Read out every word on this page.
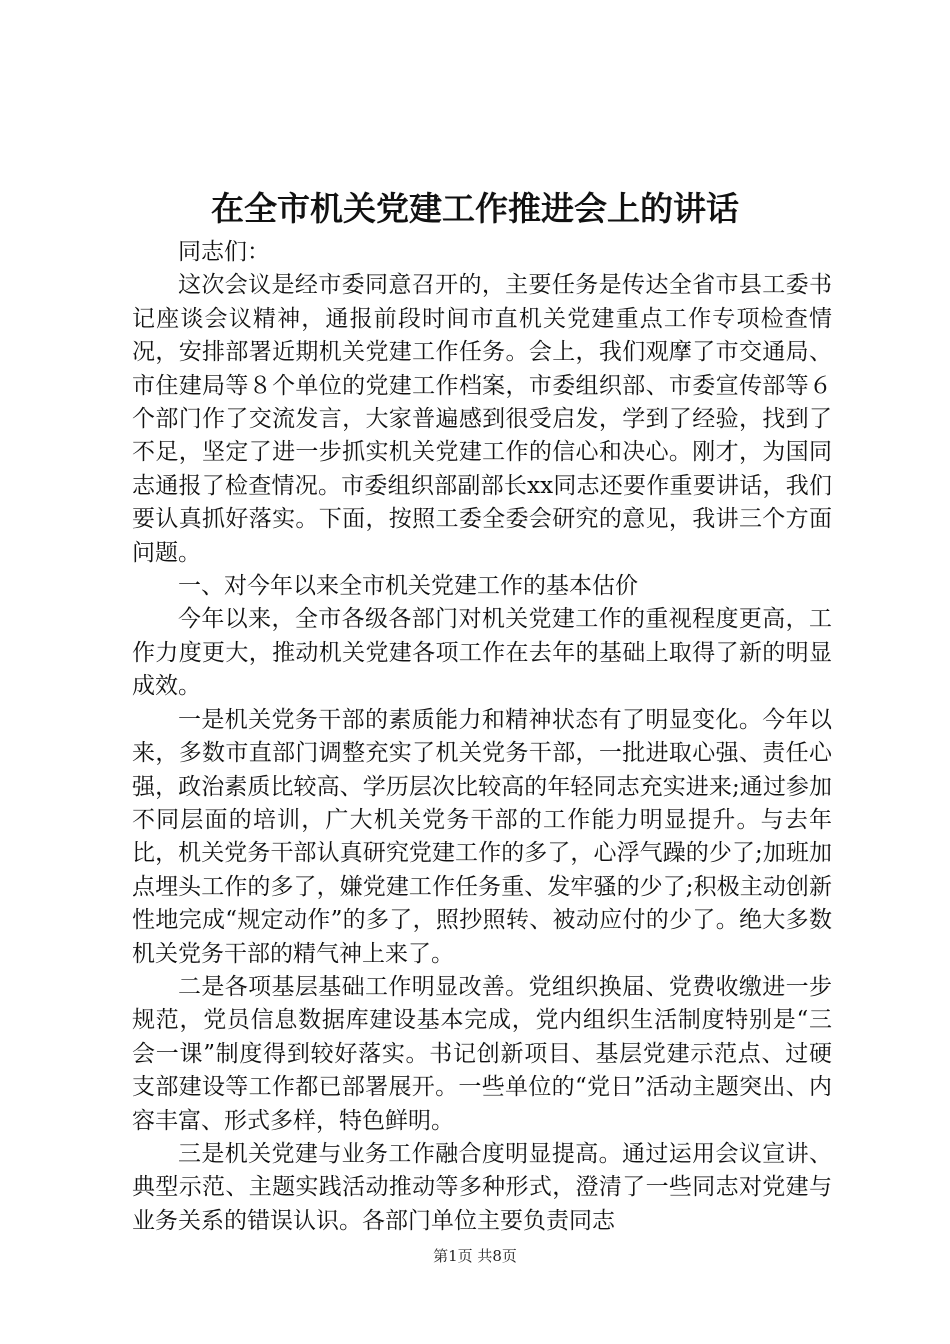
在全市机关党建工作推进会上的讲话

同志们：

这次会议是经市委同意召开的，主要任务是传达全省市县工委书记座谈会议精神，通报前段时间市直机关党建重点工作专项检查情况，安排部署近期机关党建工作任务。会上，我们观摩了市交通局、市住建局等８个单位的党建工作档案，市委组织部、市委宣传部等６个部门作了交流发言，大家普遍感到很受启发，学到了经验，找到了不足，坚定了进一步抓实机关党建工作的信心和决心。刚才，为国同志通报了检查情况。市委组织部副部长xx同志还要作重要讲话，我们要认真抓好落实。下面，按照工委全委会研究的意见，我讲三个方面问题。

一、对今年以来全市机关党建工作的基本估价

今年以来，全市各级各部门对机关党建工作的重视程度更高，工作力度更大，推动机关党建各项工作在去年的基础上取得了新的明显成效。

一是机关党务干部的素质能力和精神状态有了明显变化。今年以来，多数市直部门调整充实了机关党务干部，一批进取心强、责任心强，政治素质比较高、学历层次比较高的年轻同志充实进来;通过参加不同层面的培训，广大机关党务干部的工作能力明显提升。与去年比，机关党务干部认真研究党建工作的多了，心浮气躁的少了;加班加点埋头工作的多了，嫌党建工作任务重、发牢骚的少了;积极主动创新性地完成“规定动作”的多了，照抄照转、被动应付的少了。绝大多数机关党务干部的精气神上来了。

二是各项基层基础工作明显改善。党组织换届、党费收缴进一步规范，党员信息数据库建设基本完成，党内组织生活制度特别是“三会一课”制度得到较好落实。书记创新项目、基层党建示范点、过硬支部建设等工作都已部署展开。一些单位的“党日”活动主题突出、内容丰富、形式多样，特色鲜明。

三是机关党建与业务工作融合度明显提高。通过运用会议宣讲、典型示范、主题实践活动推动等多种形式，澄清了一些同志对党建与业务关系的错误认识。各部门单位主要负责同志

第1页 共8页
